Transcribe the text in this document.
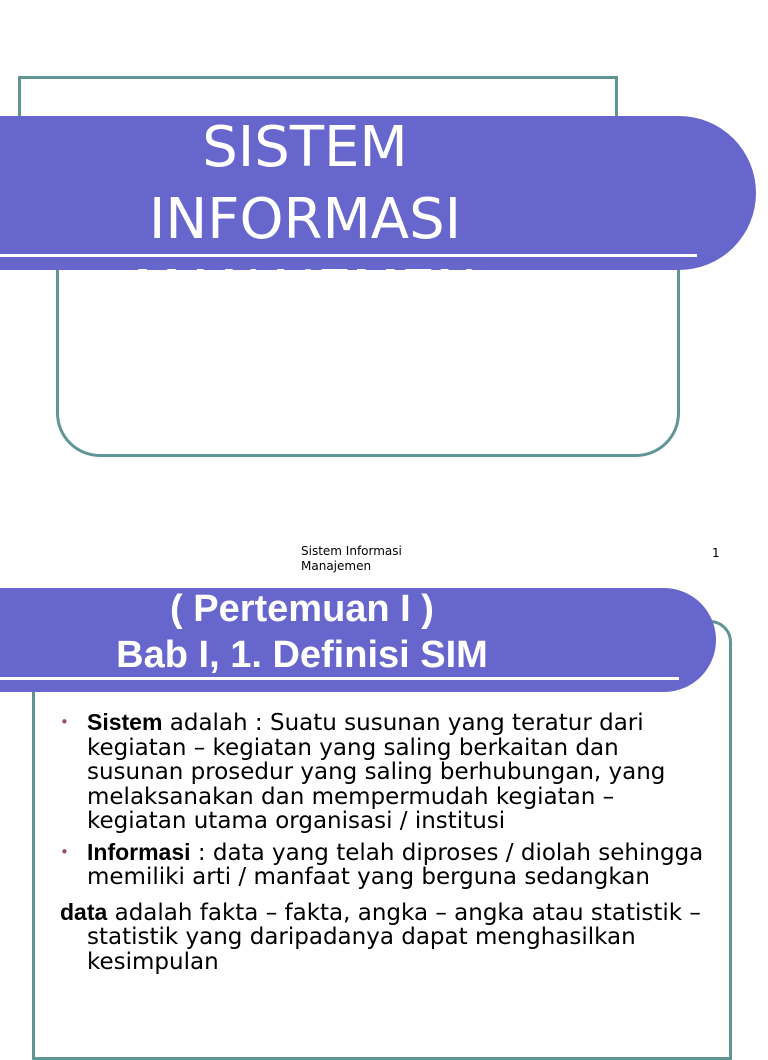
SISTEM
INFORMASI
MANAJEMEN
Sistem Informasi Manajemen
1
( Pertemuan I )
Bab I, 1. Definisi SIM

• Sistem adalah : Suatu susunan yang teratur dari kegiatan – kegiatan yang saling berkaitan dan susunan prosedur yang saling berhubungan, yang melaksanakan dan mempermudah kegiatan – kegiatan utama organisasi / institusi

• Informasi : data yang telah diproses / diolah sehingga memiliki arti / manfaat yang berguna sedangkan

data adalah fakta – fakta, angka – angka atau statistik – statistik yang daripadanya dapat menghasilkan kesimpulan
